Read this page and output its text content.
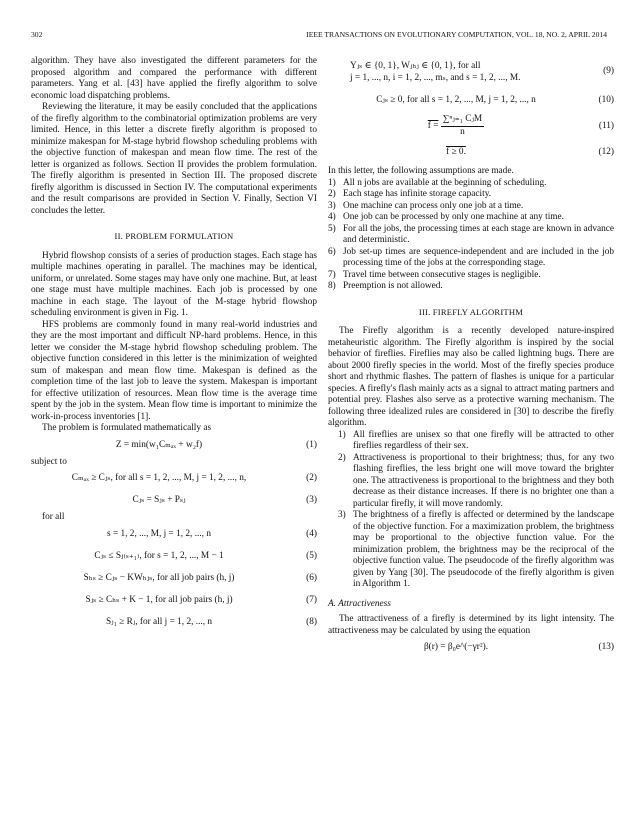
302	IEEE TRANSACTIONS ON EVOLUTIONARY COMPUTATION, VOL. 18, NO. 2, APRIL 2014

algorithm. They have also investigated the different parameters for the proposed algorithm and compared the performance with different parameters. Yang et al. [43] have applied the firefly algorithm to solve economic load dispatching problems.

Reviewing the literature, it may be easily concluded that the applications of the firefly algorithm to the combinatorial optimization problems are very limited. Hence, in this letter a discrete firefly algorithm is proposed to minimize makespan for M-stage hybrid flowshop scheduling problems with the objective function of makespan and mean flow time. The rest of the letter is organized as follows. Section II provides the problem formulation. The firefly algorithm is presented in Section III. The proposed discrete firefly algorithm is discussed in Section IV. The computational experiments and the result comparisons are provided in Section V. Finally, Section VI concludes the letter.

II. PROBLEM FORMULATION

Hybrid flowshop consists of a series of production stages. Each stage has multiple machines operating in parallel. The machines may be identical, uniform, or unrelated. Some stages may have only one machine. But, at least one stage must have multiple machines. Each job is processed by one machine in each stage. The layout of the M-stage hybrid flowshop scheduling environment is given in Fig. 1.

HFS problems are commonly found in many real-world industries and they are the most important and difficult NP-hard problems. Hence, in this letter we consider the M-stage hybrid flowshop scheduling problem. The objective function considered in this letter is the minimization of weighted sum of makespan and mean flow time. Makespan is defined as the completion time of the last job to leave the system. Makespan is important for effective utilization of resources. Mean flow time is the average time spent by the job in the system. Mean flow time is important to minimize the work-in-process inventories [1].

The problem is formulated mathematically as

Z = min(w₁Cₘₐₓ + w₂f)	(1)

subject to

Cₘₐₓ ≥ Cⱼₛ, for all s = 1, 2, ..., M, j = 1, 2, ..., n,	(2)
Cⱼₛ = Sⱼₛ + Pₛⱼ	(3)

for all

s = 1, 2, ..., M, j = 1, 2, ..., n	(4)
Cⱼₛ ≤ Sⱼ₍ₛ₊₁₎, for s = 1, 2, ..., M − 1	(5)
Sₕₛ ≥ Cⱼₛ − KWₕⱼₛ, for all job pairs (h, j)	(6)
Sⱼₛ ≥ Cₕₛ + K − 1, for all job pairs (h, j)	(7)
Sⱼ₁ ≥ Rⱼ, for all j = 1, 2, ..., n	(8)
Yⱼₛ ∈ {0, 1}, Wⱼₕⱼ ∈ {0, 1}, for all
j = 1, ..., n, i = 1, 2, ..., mₛ, and s = 1, 2, ..., M.
(9)
Cⱼₛ ≥ 0, for all s = 1, 2, ..., M, j = 1, 2, ..., n	(10)
$f = \frac{\text{∑ⁿⱼ₌₁ CⱼM}}{n}$	(11)
f ≥ 0.	(12)

In this letter, the following assumptions are made.

1) All n jobs are available at the beginning of scheduling.
2) Each stage has infinite storage capacity.
3) One machine can process only one job at a time.
4) One job can be processed by only one machine at any time.
5) For all the jobs, the processing times at each stage are known in advance and deterministic.
6) Job set-up times are sequence-independent and are included in the job processing time of the jobs at the corresponding stage.
7) Travel time between consecutive stages is negligible.
8) Preemption is not allowed.
III. FIREFLY ALGORITHM

The Firefly algorithm is a recently developed nature-inspired metaheuristic algorithm. The Firefly algorithm is inspired by the social behavior of fireflies. Fireflies may also be called lightning bugs. There are about 2000 firefly species in the world. Most of the firefly species produce short and rhythmic flashes. The pattern of flashes is unique for a particular species. A firefly's flash mainly acts as a signal to attract mating partners and potential prey. Flashes also serve as a protective warning mechanism. The following three idealized rules are considered in [30] to describe the firefly algorithm.

1) All fireflies are unisex so that one firefly will be attracted to other fireflies regardless of their sex.
2) Attractiveness is proportional to their brightness; thus, for any two flashing fireflies, the less bright one will move toward the brighter one. The attractiveness is proportional to the brightness and they both decrease as their distance increases. If there is no brighter one than a particular firefly, it will move randomly.
3) The brightness of a firefly is affected or determined by the landscape of the objective function. For a maximization problem, the brightness may be proportional to the objective function value. For the minimization problem, the brightness may be the reciprocal of the objective function value. The pseudocode of the firefly algorithm was given by Yang [30]. The pseudocode of the firefly algorithm is given in Algorithm 1.
A. Attractiveness

The attractiveness of a firefly is determined by its light intensity. The attractiveness may be calculated by using the equation

β(r) = β₀e^(−γr²).	(13)
